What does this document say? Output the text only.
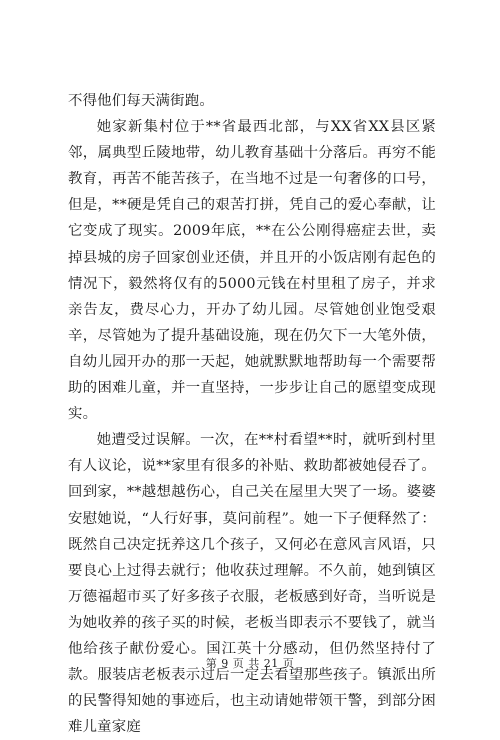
不得他们每天满街跑。

她家新集村位于**省最西北部，与XX省XX县区紧邻，属典型丘陵地带，幼儿教育基础十分落后。再穷不能教育，再苦不能苦孩子，在当地不过是一句奢侈的口号，但是，**硬是凭自己的艰苦打拼，凭自己的爱心奉献，让它变成了现实。2009年底，**在公公刚得癌症去世，卖掉县城的房子回家创业还债，并且开的小饭店刚有起色的情况下，毅然将仅有的5000元钱在村里租了房子，并求亲告友，费尽心力，开办了幼儿园。尽管她创业饱受艰辛，尽管她为了提升基础设施，现在仍欠下一大笔外债，自幼儿园开办的那一天起，她就默默地帮助每一个需要帮助的困难儿童，并一直坚持，一步步让自己的愿望变成现实。

她遭受过误解。一次，在**村看望**时，就听到村里有人议论，说**家里有很多的补贴、救助都被她侵吞了。回到家，**越想越伤心，自己关在屋里大哭了一场。婆婆安慰她说，“人行好事，莫问前程”。她一下子便释然了：既然自己决定抚养这几个孩子，又何必在意风言风语，只要良心上过得去就行；他收获过理解。不久前，她到镇区万德福超市买了好多孩子衣服，老板感到好奇，当听说是为她收养的孩子买的时候，老板当即表示不要钱了，就当他给孩子献份爱心。国江英十分感动，但仍然坚持付了款。服装店老板表示过后一定去看望那些孩子。镇派出所的民警得知她的事迹后，也主动请她带领干警，到部分困难儿童家庭

第 9 页 共 21 页
